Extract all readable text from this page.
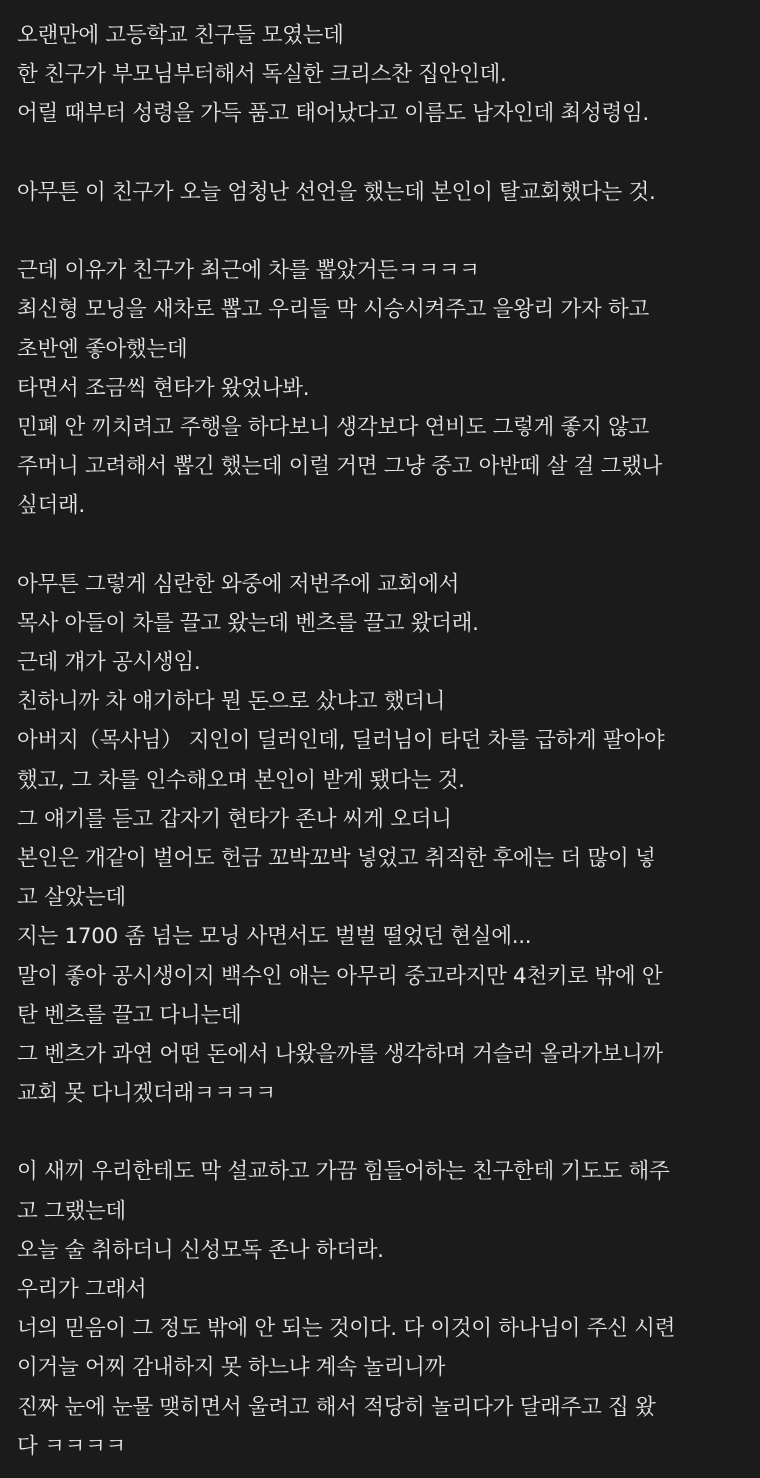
오랜만에 고등학교 친구들 모였는데
한 친구가 부모님부터해서 독실한 크리스찬 집안인데.
어릴 때부터 성령을 가득 품고 태어났다고 이름도 남자인데 최성령임.
아무튼 이 친구가 오늘 엄청난 선언을 했는데 본인이 탈교회했다는 것.
근데 이유가 친구가 최근에 차를 뽑았거든ㅋㅋㅋㅋ
최신형 모닝을 새차로 뽑고 우리들 막 시승시켜주고 을왕리 가자 하고
초반엔 좋아했는데
타면서 조금씩 현타가 왔었나봐.
민폐 안 끼치려고 주행을 하다보니 생각보다 연비도 그렇게 좋지 않고
주머니 고려해서 뽑긴 했는데 이럴 거면 그냥 중고 아반떼 살 걸 그랬나
싶더래.
아무튼 그렇게 심란한 와중에 저번주에 교회에서
목사 아들이 차를 끌고 왔는데 벤츠를 끌고 왔더래.
근데 걔가 공시생임.
친하니까 차 얘기하다 뭔 돈으로 샀냐고 했더니
아버지（목사님） 지인이 딜러인데, 딜러님이 타던 차를 급하게 팔아야
했고, 그 차를 인수해오며 본인이 받게 됐다는 것.
그 얘기를 듣고 갑자기 현타가 존나 씨게 오더니
본인은 개같이 벌어도 헌금 꼬박꼬박 넣었고 취직한 후에는 더 많이 넣
고 살았는데
지는 1700 좀 넘는 모닝 사면서도 벌벌 떨었던 현실에...
말이 좋아 공시생이지 백수인 애는 아무리 중고라지만 4천키로 밖에 안
탄 벤츠를 끌고 다니는데
그 벤츠가 과연 어떤 돈에서 나왔을까를 생각하며 거슬러 올라가보니까
교회 못 다니겠더래ㅋㅋㅋㅋ
이 새끼 우리한테도 막 설교하고 가끔 힘들어하는 친구한테 기도도 해주
고 그랬는데
오늘 술 취하더니 신성모독 존나 하더라.
우리가 그래서
너의 믿음이 그 정도 밖에 안 되는 것이다. 다 이것이 하나님이 주신 시련
이거늘 어찌 감내하지 못 하느냐 계속 놀리니까
진짜 눈에 눈물 맺히면서 울려고 해서 적당히 놀리다가 달래주고 집 왔
다 ㅋㅋㅋㅋ
